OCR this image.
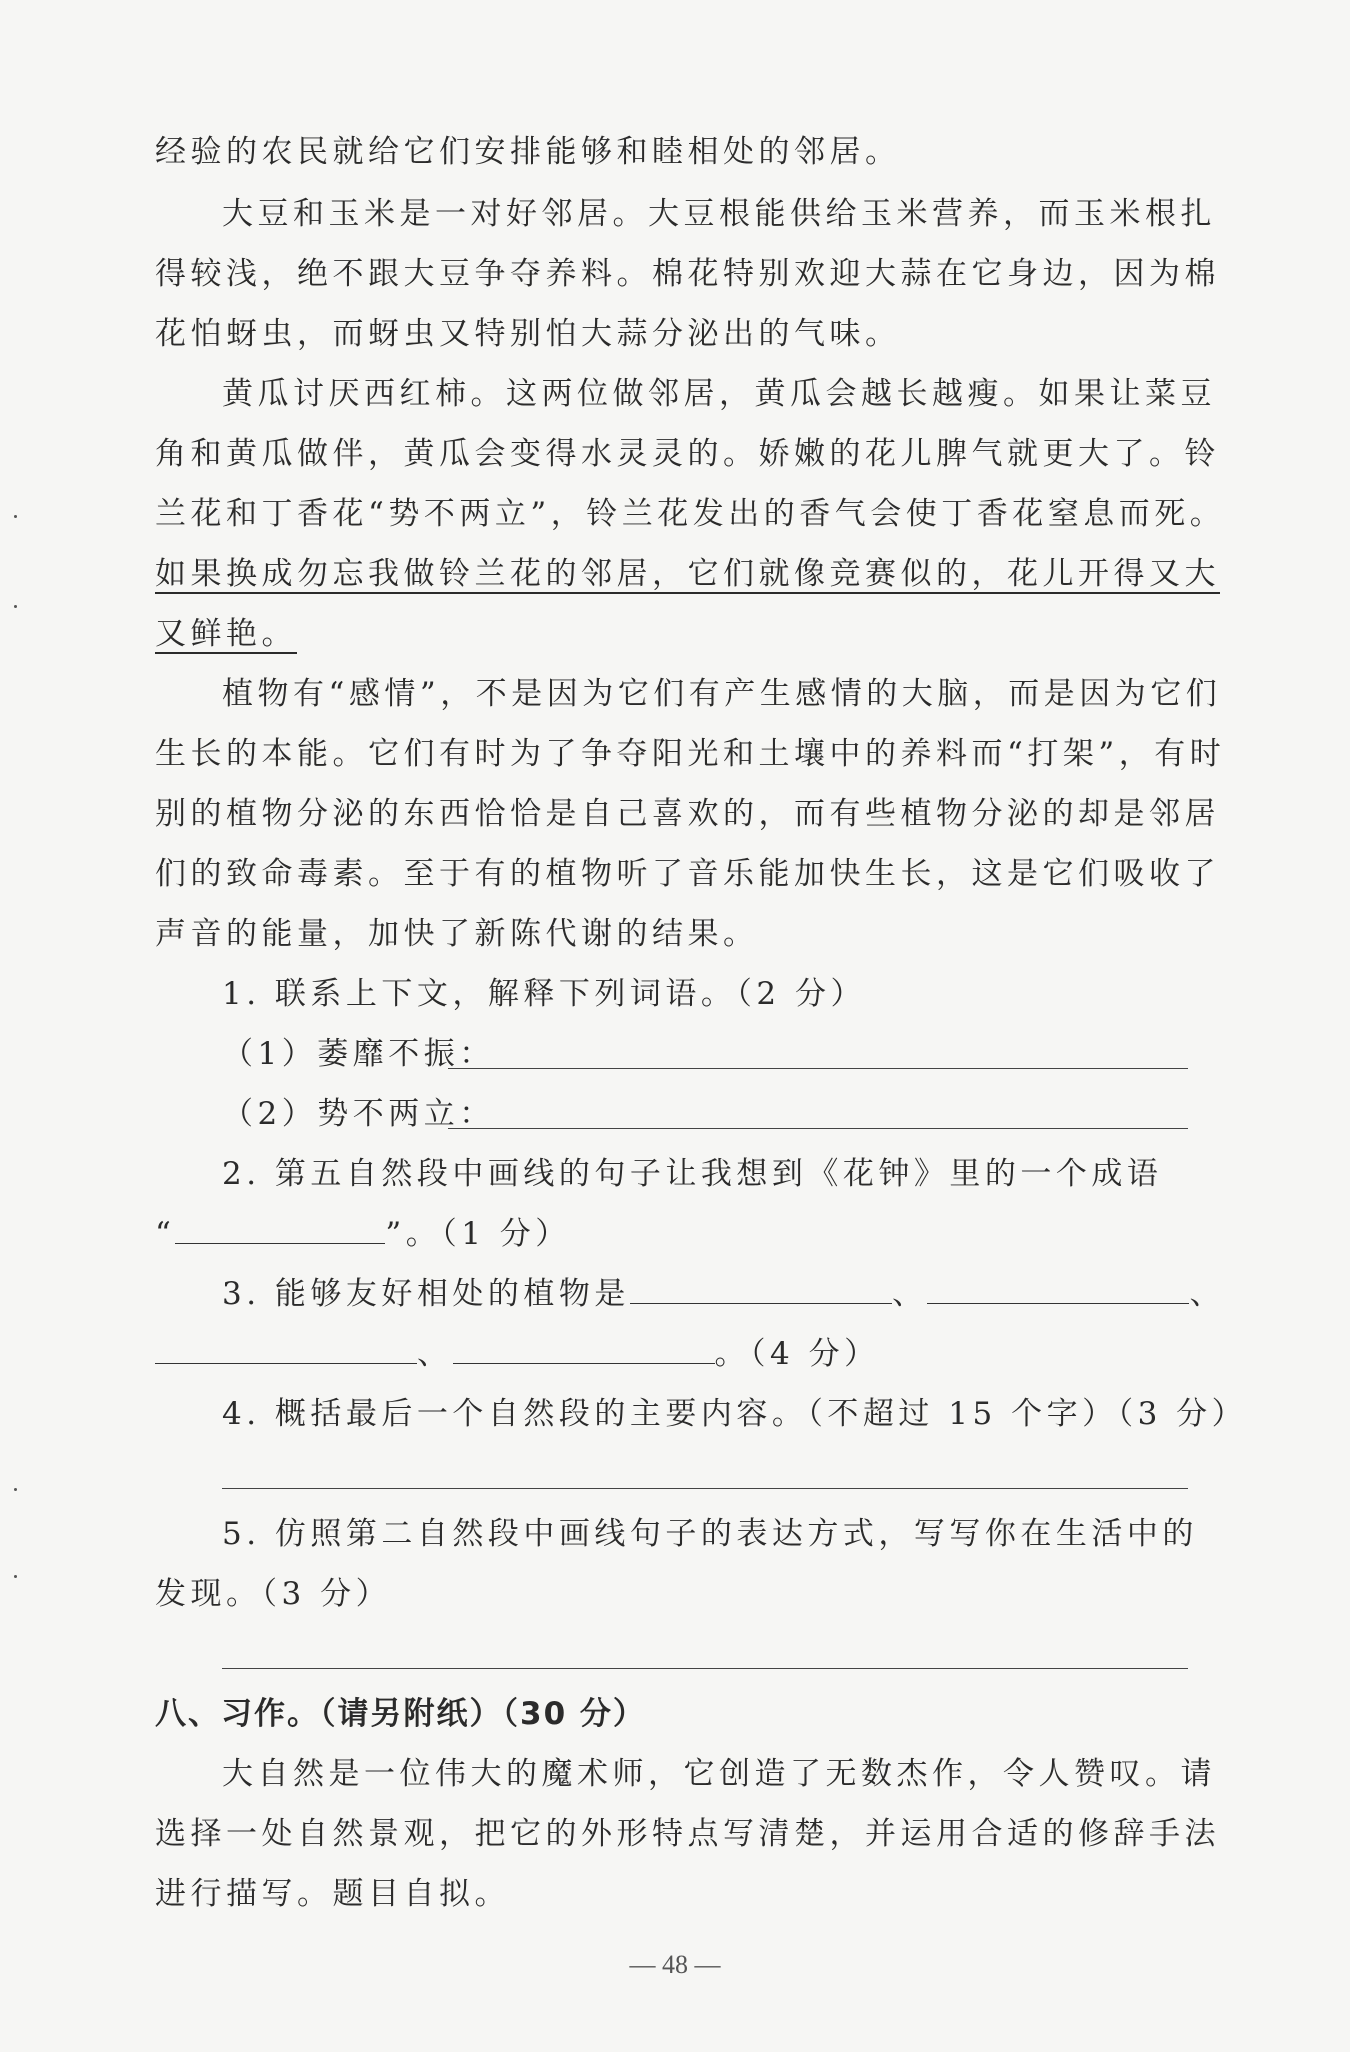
经验的农民就给它们安排能够和睦相处的邻居。
大豆和玉米是一对好邻居。大豆根能供给玉米营养，而玉米根扎
得较浅，绝不跟大豆争夺养料。棉花特别欢迎大蒜在它身边，因为棉
花怕蚜虫，而蚜虫又特别怕大蒜分泌出的气味。
黄瓜讨厌西红柿。这两位做邻居，黄瓜会越长越瘦。如果让菜豆
角和黄瓜做伴，黄瓜会变得水灵灵的。娇嫩的花儿脾气就更大了。铃
兰花和丁香花“势不两立”，铃兰花发出的香气会使丁香花窒息而死。
如果换成勿忘我做铃兰花的邻居，它们就像竞赛似的，花儿开得又大
又鲜艳。
植物有“感情”，不是因为它们有产生感情的大脑，而是因为它们
生长的本能。它们有时为了争夺阳光和土壤中的养料而“打架”，有时
别的植物分泌的东西恰恰是自己喜欢的，而有些植物分泌的却是邻居
们的致命毒素。至于有的植物听了音乐能加快生长，这是它们吸收了
声音的能量，加快了新陈代谢的结果。
1. 联系上下文，解释下列词语。（2 分）
（1）萎靡不振：
（2）势不两立：
2. 第五自然段中画线的句子让我想到《花钟》里的一个成语
“	”。（1 分）
3. 能够友好相处的植物是	、	、
、	。（4 分）
4. 概括最后一个自然段的主要内容。（不超过 15 个字）（3 分）
5. 仿照第二自然段中画线句子的表达方式，写写你在生活中的
发现。（3 分）
八、习作。（请另附纸）（30 分）
大自然是一位伟大的魔术师，它创造了无数杰作，令人赞叹。请
选择一处自然景观，把它的外形特点写清楚，并运用合适的修辞手法
进行描写。题目自拟。
— 48 —
